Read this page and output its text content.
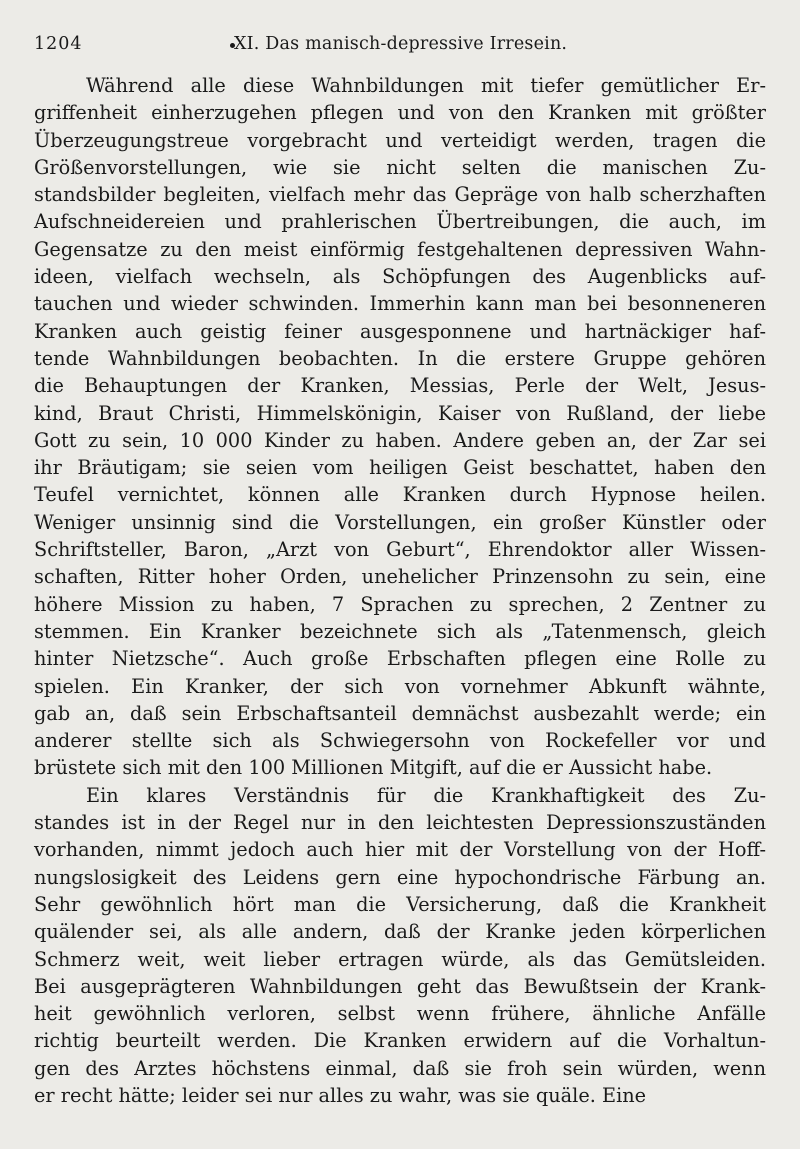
1204	XI. Das manisch-depressive Irresein.
Während alle diese Wahnbildungen mit tiefer gemütlicher Er-
griffenheit einherzugehen pflegen und von den Kranken mit größter
Überzeugungstreue vorgebracht und verteidigt werden, tragen die
Größenvorstellungen, wie sie nicht selten die manischen Zu-
standsbilder begleiten, vielfach mehr das Gepräge von halb scherzhaften
Aufschneidereien und prahlerischen Übertreibungen, die auch, im
Gegensatze zu den meist einförmig festgehaltenen depressiven Wahn-
ideen, vielfach wechseln, als Schöpfungen des Augenblicks auf-
tauchen und wieder schwinden. Immerhin kann man bei besonneneren
Kranken auch geistig feiner ausgesponnene und hartnäckiger haf-
tende Wahnbildungen beobachten. In die erstere Gruppe gehören
die Behauptungen der Kranken, Messias, Perle der Welt, Jesus-
kind, Braut Christi, Himmelskönigin, Kaiser von Rußland, der liebe
Gott zu sein, 10 000 Kinder zu haben. Andere geben an, der Zar sei
ihr Bräutigam; sie seien vom heiligen Geist beschattet, haben den
Teufel vernichtet, können alle Kranken durch Hypnose heilen.
Weniger unsinnig sind die Vorstellungen, ein großer Künstler oder
Schriftsteller, Baron, „Arzt von Geburt“, Ehrendoktor aller Wissen-
schaften, Ritter hoher Orden, unehelicher Prinzensohn zu sein, eine
höhere Mission zu haben, 7 Sprachen zu sprechen, 2 Zentner zu
stemmen. Ein Kranker bezeichnete sich als „Tatenmensch, gleich
hinter Nietzsche“. Auch große Erbschaften pflegen eine Rolle zu
spielen. Ein Kranker, der sich von vornehmer Abkunft wähnte,
gab an, daß sein Erbschaftsanteil demnächst ausbezahlt werde; ein
anderer stellte sich als Schwiegersohn von Rockefeller vor und
brüstete sich mit den 100 Millionen Mitgift, auf die er Aussicht habe.
Ein klares Verständnis für die Krankhaftigkeit des Zu-
standes ist in der Regel nur in den leichtesten Depressionszuständen
vorhanden, nimmt jedoch auch hier mit der Vorstellung von der Hoff-
nungslosigkeit des Leidens gern eine hypochondrische Färbung an.
Sehr gewöhnlich hört man die Versicherung, daß die Krankheit
quälender sei, als alle andern, daß der Kranke jeden körperlichen
Schmerz weit, weit lieber ertragen würde, als das Gemütsleiden.
Bei ausgeprägteren Wahnbildungen geht das Bewußtsein der Krank-
heit gewöhnlich verloren, selbst wenn frühere, ähnliche Anfälle
richtig beurteilt werden. Die Kranken erwidern auf die Vorhaltun-
gen des Arztes höchstens einmal, daß sie froh sein würden, wenn
er recht hätte; leider sei nur alles zu wahr, was sie quäle. Eine
